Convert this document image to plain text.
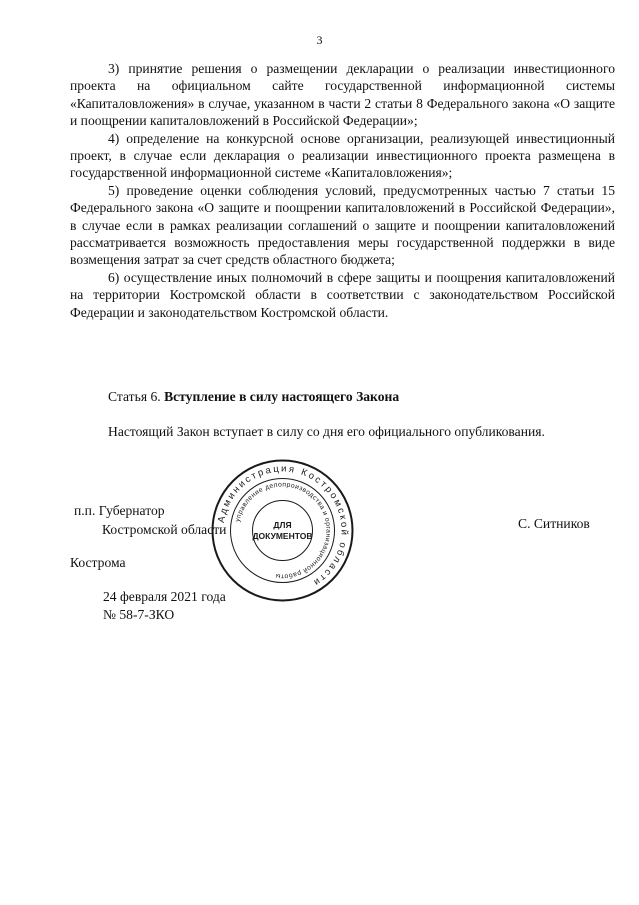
3

3) принятие решения о размещении декларации о реализации инвестиционного проекта на официальном сайте государственной информационной системы «Капиталовложения» в случае, указанном в части 2 статьи 8 Федерального закона «О защите и поощрении капиталовложений в Российской Федерации»;

4) определение на конкурсной основе организации, реализующей инвестиционный проект, в случае если декларация о реализации инвестиционного проекта размещена в государственной информационной системе «Капиталовложения»;

5) проведение оценки соблюдения условий, предусмотренных частью 7 статьи 15 Федерального закона «О защите и поощрении капиталовложений в Российской Федерации», в случае если в рамках реализации соглашений о защите и поощрении капиталовложений рассматривается возможность предоставления меры государственной поддержки в виде возмещения затрат за счет средств областного бюджета;

6) осуществление иных полномочий в сфере защиты и поощрения капиталовложений на территории Костромской области в соответствии с законодательством Российской Федерации и законодательством Костромской области.

Статья 6. Вступление в силу настоящего Закона
Настоящий Закон вступает в силу со дня его официального опубликования.
п.п. Губернатор
Костромской области	С. Ситников
Администрация Костромской области
управление делопроизводства и организационной работы
ДЛЯ
ДОКУМЕНТОВ
Кострома
24 февраля 2021 года
№ 58-7-ЗКО
